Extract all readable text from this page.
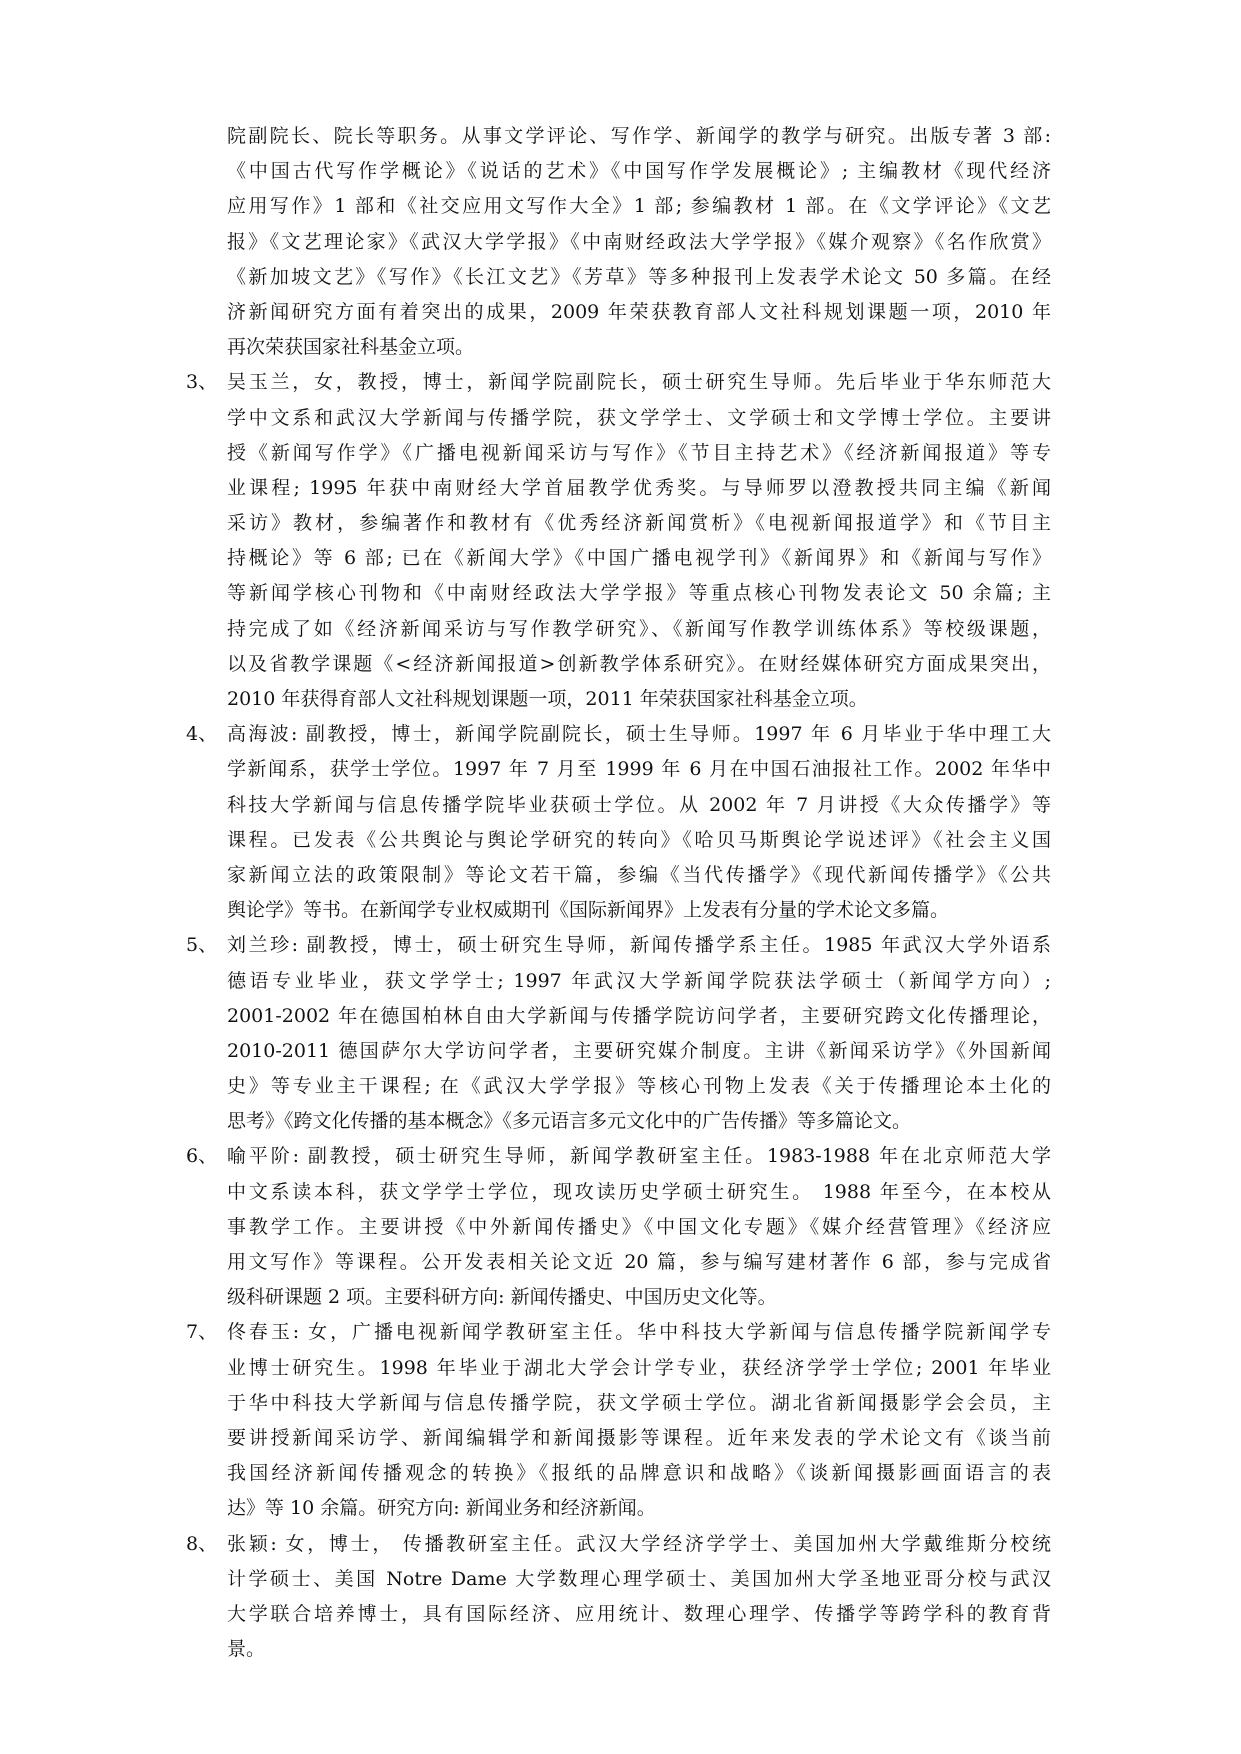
院副院长、院长等职务。从事文学评论、写作学、新闻学的教学与研究。出版专著 3 部:
《中国古代写作学概论》《说话的艺术》《中国写作学发展概论》; 主编教材《现代经济
应用写作》1 部和《社交应用文写作大全》1 部; 参编教材 1 部。在《文学评论》《文艺
报》《文艺理论家》《武汉大学学报》《中南财经政法大学学报》《媒介观察》《名作欣赏》
《新加坡文艺》《写作》《长江文艺》《芳草》等多种报刊上发表学术论文 50 多篇。在经
济新闻研究方面有着突出的成果，2009 年荣获教育部人文社科规划课题一项，2010 年
再次荣获国家社科基金立项。
3、 吴玉兰，女，教授，博士，新闻学院副院长，硕士研究生导师。先后毕业于华东师范大
学中文系和武汉大学新闻与传播学院，获文学学士、文学硕士和文学博士学位。主要讲
授《新闻写作学》《广播电视新闻采访与写作》《节目主持艺术》《经济新闻报道》等专
业课程; 1995 年获中南财经大学首届教学优秀奖。与导师罗以澄教授共同主编《新闻
采访》教材，参编著作和教材有《优秀经济新闻赏析》《电视新闻报道学》和《节目主
持概论》等 6 部; 已在《新闻大学》《中国广播电视学刊》《新闻界》和《新闻与写作》
等新闻学核心刊物和《中南财经政法大学学报》等重点核心刊物发表论文 50 余篇; 主
持完成了如《经济新闻采访与写作教学研究》、《新闻写作教学训练体系》等校级课题，
以及省教学课题《<经济新闻报道>创新教学体系研究》。在财经媒体研究方面成果突出，
2010 年获得育部人文社科规划课题一项，2011 年荣获国家社科基金立项。
4、 高海波: 副教授，博士，新闻学院副院长，硕士生导师。1997 年 6 月毕业于华中理工大
学新闻系，获学士学位。1997 年 7 月至 1999 年 6 月在中国石油报社工作。2002 年华中
科技大学新闻与信息传播学院毕业获硕士学位。从 2002 年 7 月讲授《大众传播学》等
课程。已发表《公共舆论与舆论学研究的转向》《哈贝马斯舆论学说述评》《社会主义国
家新闻立法的政策限制》等论文若干篇，参编《当代传播学》《现代新闻传播学》《公共
舆论学》等书。在新闻学专业权威期刊《国际新闻界》上发表有分量的学术论文多篇。
5、 刘兰珍: 副教授，博士，硕士研究生导师，新闻传播学系主任。1985 年武汉大学外语系
德语专业毕业，获文学学士; 1997 年武汉大学新闻学院获法学硕士（新闻学方向）;
2001-2002 年在德国柏林自由大学新闻与传播学院访问学者，主要研究跨文化传播理论，
2010-2011 德国萨尔大学访问学者，主要研究媒介制度。主讲《新闻采访学》《外国新闻
史》等专业主干课程; 在《武汉大学学报》等核心刊物上发表《关于传播理论本土化的
思考》《跨文化传播的基本概念》《多元语言多元文化中的广告传播》等多篇论文。
6、 喻平阶: 副教授，硕士研究生导师，新闻学教研室主任。1983-1988 年在北京师范大学
中文系读本科，获文学学士学位，现攻读历史学硕士研究生。 1988 年至今，在本校从
事教学工作。主要讲授《中外新闻传播史》《中国文化专题》《媒介经营管理》《经济应
用文写作》等课程。公开发表相关论文近 20 篇，参与编写建材著作 6 部，参与完成省
级科研课题 2 项。主要科研方向: 新闻传播史、中国历史文化等。
7、 佟春玉: 女，广播电视新闻学教研室主任。华中科技大学新闻与信息传播学院新闻学专
业博士研究生。1998 年毕业于湖北大学会计学专业，获经济学学士学位; 2001 年毕业
于华中科技大学新闻与信息传播学院，获文学硕士学位。湖北省新闻摄影学会会员，主
要讲授新闻采访学、新闻编辑学和新闻摄影等课程。近年来发表的学术论文有《谈当前
我国经济新闻传播观念的转换》《报纸的品牌意识和战略》《谈新闻摄影画面语言的表
达》等 10 余篇。研究方向: 新闻业务和经济新闻。
8、 张颖: 女，博士， 传播教研室主任。武汉大学经济学学士、美国加州大学戴维斯分校统
计学硕士、美国 Notre Dame 大学数理心理学硕士、美国加州大学圣地亚哥分校与武汉
大学联合培养博士，具有国际经济、应用统计、数理心理学、传播学等跨学科的教育背
景。
